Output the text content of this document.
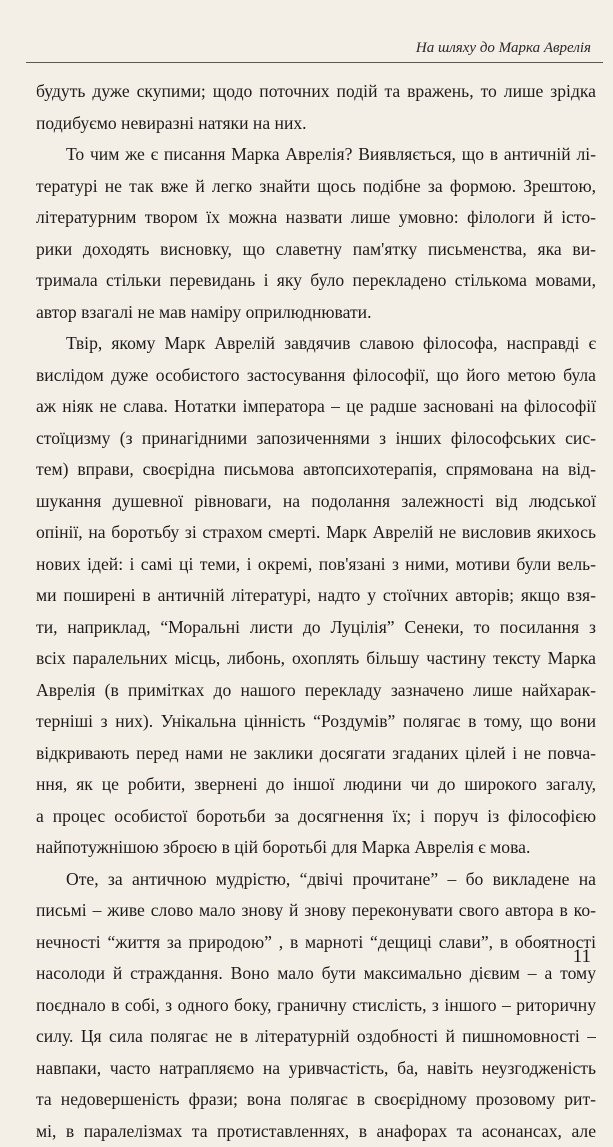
На шляху до Марка Аврелія
будуть дуже скупими; щодо поточних подій та вражень, то лише зрідка
подибуємо невиразні натяки на них.
То чим же є писання Марка Аврелія? Виявляється, що в античній лі-
тературі не так вже й легко знайти щось подібне за формою. Зрештою,
літературним твором їх можна назвати лише умовно: філологи й істо-
рики доходять висновку, що славетну пам'ятку письменства, яка ви-
тримала стільки перевидань і яку було перекладено стількома мовами,
автор взагалі не мав наміру оприлюднювати.
Твір, якому Марк Аврелій завдячив славою філософа, насправді є
вислідом дуже особистого застосування філософії, що його метою була
аж ніяк не слава. Нотатки імператора – це радше засновані на філософії
стоїцизму (з принагідними запозиченнями з інших філософських сис-
тем) вправи, своєрідна письмова автопсихотерапія, спрямована на від-
шукання душевної рівноваги, на подолання залежності від людської
опінії, на боротьбу зі страхом смерті. Марк Аврелій не висловив якихось
нових ідей: і самі ці теми, і окремі, пов'язані з ними, мотиви були вель-
ми поширені в античній літературі, надто у стоїчних авторів; якщо взя-
ти, наприклад, “Моральні листи до Луцілія” Сенеки, то посилання з
всіх паралельних місць, либонь, охоплять більшу частину тексту Марка
Аврелія (в примітках до нашого перекладу зазначено лише найхарак-
терніші з них). Унікальна цінність “Роздумів” полягає в тому, що вони
відкривають перед нами не заклики досягати згаданих цілей і не повча-
ння, як це робити, звернені до іншої людини чи до широкого загалу,
а процес особистої боротьби за досягнення їх; і поруч із філософією
найпотужнішою зброєю в цій боротьбі для Марка Аврелія є мова.
Оте, за античною мудрістю, “двічі прочитане” – бо викладене на
письмі – живе слово мало знову й знову переконувати свого автора в ко-
нечності “життя за природою” , в марноті “дещиці слави”, в обоятності
насолоди й страждання. Воно мало бути максимально дієвим – а тому
поєднало в собі, з одного боку, граничну стислість, з іншого – риторичну
силу. Ця сила полягає не в літературній оздобності й пишномовності –
навпаки, часто натрапляємо на уривчастість, ба, навіть неузгодженість
та недовершеність фрази; вона полягає в своєрідному прозовому рит-
мі, в паралелізмах та протиставленнях, в анафорах та асонансах, але
11
